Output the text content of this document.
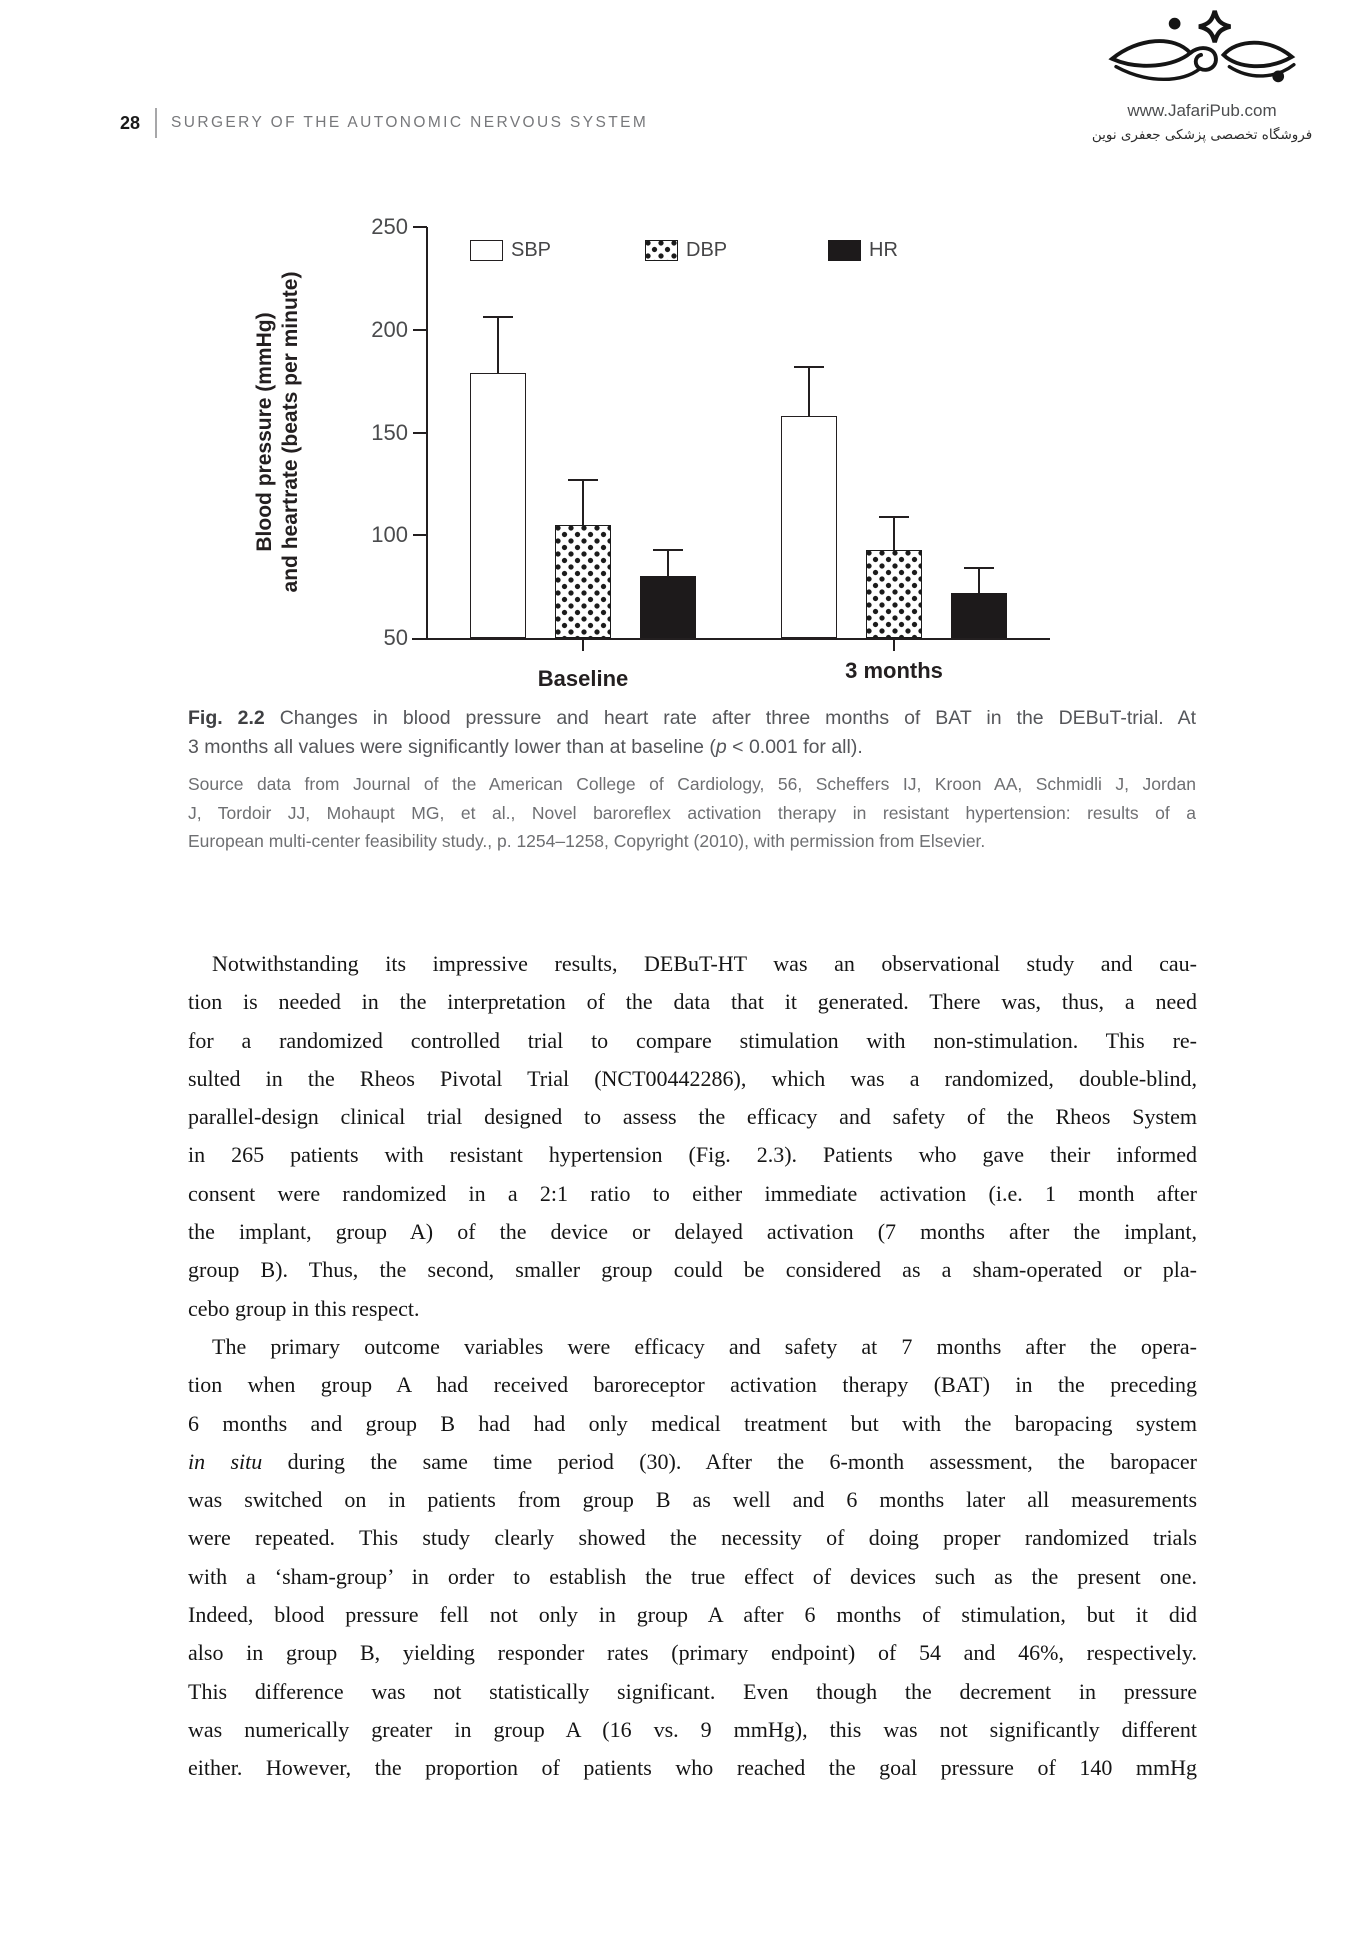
28 SURGERY OF THE AUTONOMIC NERVOUS SYSTEM
www.JafariPub.com
فروشگاه تخصصی پزشکی جعفری نوین
Blood pressure (mmHg) and heartrate (beats per minute)
250
200
150
100
50
SBP	DBP	HR
Baseline	3 months
Fig. 2.2 Changes in blood pressure and heart rate after three months of BAT in the DEBuT-trial. At
3 months all values were significantly lower than at baseline (p < 0.001 for all).
Source data from Journal of the American College of Cardiology, 56, Scheffers IJ, Kroon AA, Schmidli J, Jordan
J, Tordoir JJ, Mohaupt MG, et al., Novel baroreflex activation therapy in resistant hypertension: results of a
European multi-center feasibility study., p. 1254–1258, Copyright (2010), with permission from Elsevier.
Notwithstanding its impressive results, DEBuT-HT was an observational study and cau-
tion is needed in the interpretation of the data that it generated. There was, thus, a need
for a randomized controlled trial to compare stimulation with non-stimulation. This re-
sulted in the Rheos Pivotal Trial (NCT00442286), which was a randomized, double-blind,
parallel-design clinical trial designed to assess the efficacy and safety of the Rheos System
in 265 patients with resistant hypertension (Fig. 2.3). Patients who gave their informed
consent were randomized in a 2:1 ratio to either immediate activation (i.e. 1 month after
the implant, group A) of the device or delayed activation (7 months after the implant,
group B). Thus, the second, smaller group could be considered as a sham-operated or pla-
cebo group in this respect.
The primary outcome variables were efficacy and safety at 7 months after the opera-
tion when group A had received baroreceptor activation therapy (BAT) in the preceding
6 months and group B had had only medical treatment but with the baropacing system
in situ during the same time period (30). After the 6-month assessment, the baropacer
was switched on in patients from group B as well and 6 months later all measurements
were repeated. This study clearly showed the necessity of doing proper randomized trials
with a ‘sham-group’ in order to establish the true effect of devices such as the present one.
Indeed, blood pressure fell not only in group A after 6 months of stimulation, but it did
also in group B, yielding responder rates (primary endpoint) of 54 and 46%, respectively.
This difference was not statistically significant. Even though the decrement in pressure
was numerically greater in group A (16 vs. 9 mmHg), this was not significantly different
either. However, the proportion of patients who reached the goal pressure of 140 mmHg
